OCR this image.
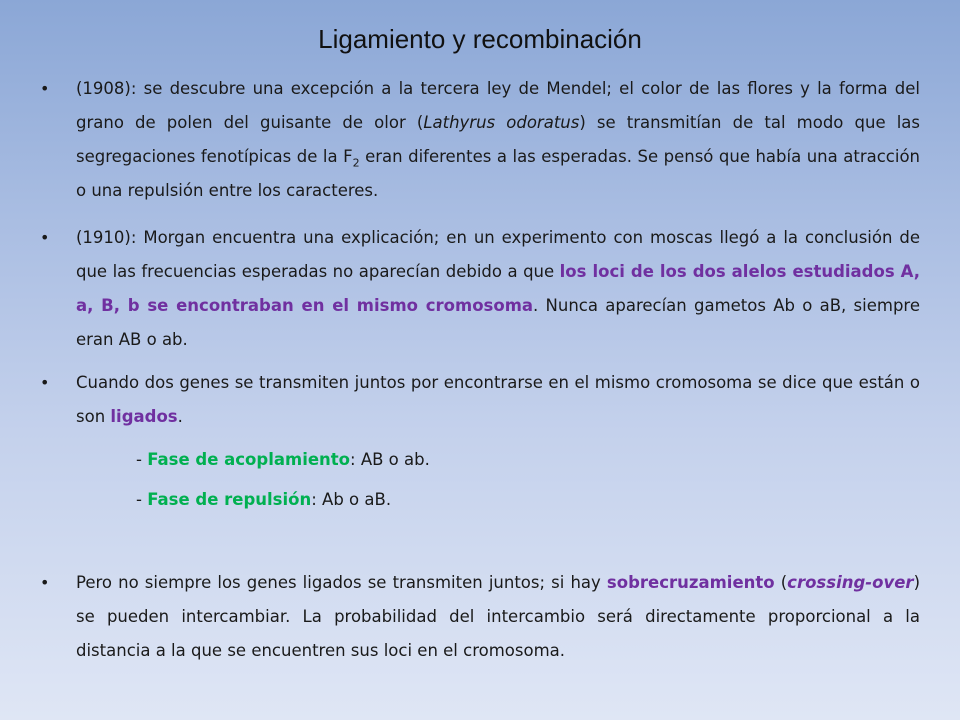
Ligamiento y recombinación
•	(1908): se descubre una excepción a la tercera ley de Mendel; el color de las flores y la forma del grano de polen del guisante de olor (Lathyrus odoratus) se transmitían de tal modo que las segregaciones fenotípicas de la $F_2$ eran diferentes a las esperadas. Se pensó que había una atracción o una repulsión entre los caracteres.
•	(1910): Morgan encuentra una explicación; en un experimento con moscas llegó a la conclusión de que las frecuencias esperadas no aparecían debido a que los loci de los dos alelos estudiados A, a, B, b se encontraban en el mismo cromosoma. Nunca aparecían gametos Ab o aB, siempre eran AB o ab.
•	Cuando dos genes se transmiten juntos por encontrarse en el mismo cromosoma se dice que están o son ligados.
- Fase de acoplamiento: AB o ab.
- Fase de repulsión: Ab o aB.
•	Pero no siempre los genes ligados se transmiten juntos; si hay sobrecruzamiento (crossing-over) se pueden intercambiar. La probabilidad del intercambio será directamente proporcional a la distancia a la que se encuentren sus loci en el cromosoma.
